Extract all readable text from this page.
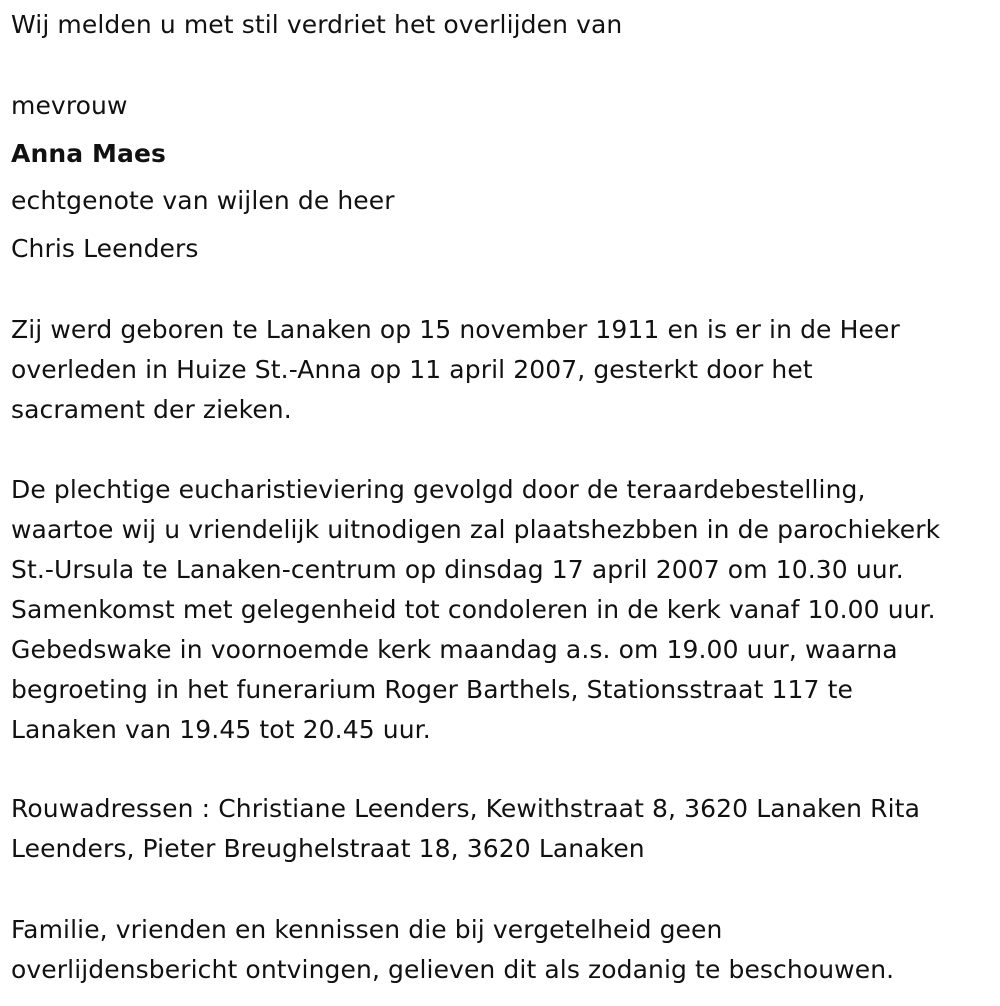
Wij melden u met stil verdriet het overlijden van
mevrouw
Anna Maes
echtgenote van wijlen de heer
Chris Leenders
Zij werd geboren te Lanaken op 15 november 1911 en is er in de Heer
overleden in Huize St.-Anna op 11 april 2007, gesterkt door het
sacrament der zieken.
De plechtige eucharistieviering gevolgd door de teraardebestelling,
waartoe wij u vriendelijk uitnodigen zal plaatshezbben in de parochiekerk
St.-Ursula te Lanaken-centrum op dinsdag 17 april 2007 om 10.30 uur.
Samenkomst met gelegenheid tot condoleren in de kerk vanaf 10.00 uur.
Gebedswake in voornoemde kerk maandag a.s. om 19.00 uur, waarna
begroeting in het funerarium Roger Barthels, Stationsstraat 117 te
Lanaken van 19.45 tot 20.45 uur.
Rouwadressen : Christiane Leenders, Kewithstraat 8, 3620 Lanaken Rita
Leenders, Pieter Breughelstraat 18, 3620 Lanaken
Familie, vrienden en kennissen die bij vergetelheid geen
overlijdensbericht ontvingen, gelieven dit als zodanig te beschouwen.
